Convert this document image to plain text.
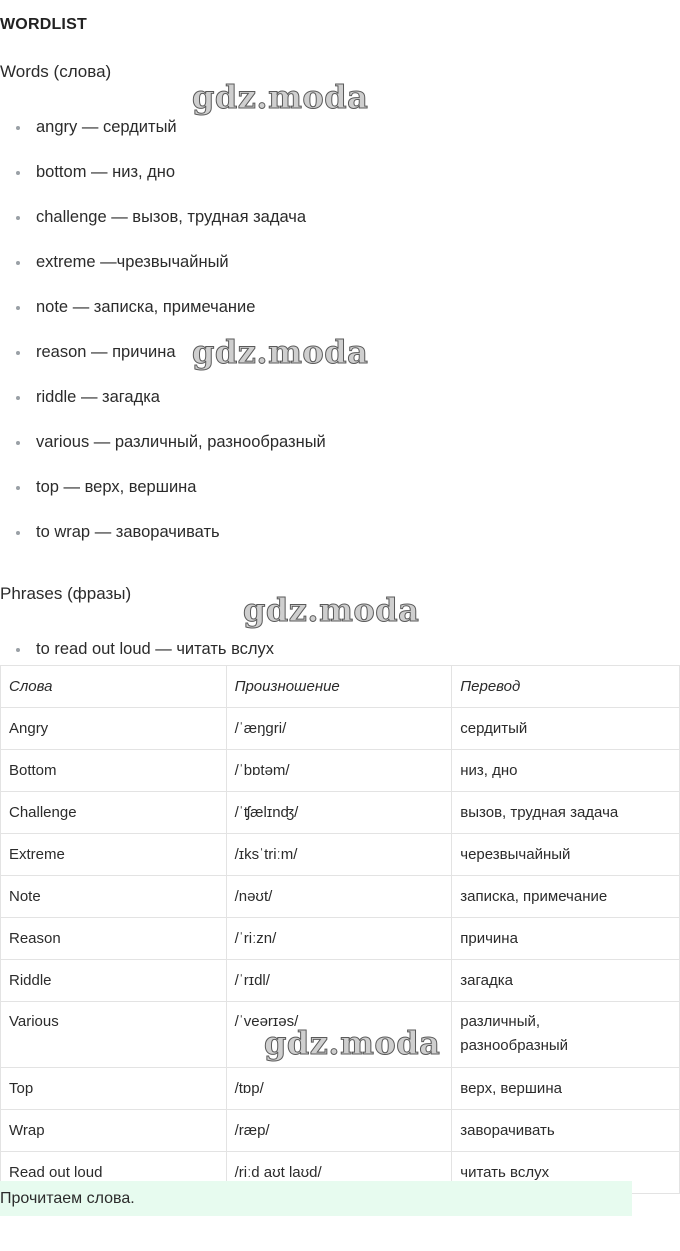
WORDLIST
Words (слова)
angry — сердитый
bottom — низ, дно
challenge — вызов, трудная задача
extreme —чрезвычайный
note — записка, примечание
reason — причина
riddle — загадка
various — различный, разнообразный
top — верх, вершина
to wrap — заворачивать
Phrases (фразы)
to read out loud — читать вслух
Слова	Произношение	Перевод
Angry	/ˈæŋgri/	сердитый
Bottom	/ˈbɒtəm/	низ, дно
Challenge	/ˈʧælɪnʤ/	вызов, трудная задача
Extreme	/ɪksˈtriːm/	черезвычайный
Note	/nəʊt/	записка, примечание
Reason	/ˈriːzn/	причина
Riddle	/ˈrɪdl/	загадка
Various	/ˈveərɪəs/	различный,
разнообразный

Top	/tɒp/	верх, вершина
Wrap	/ræp/	заворачивать
Read out loud	/riːd aʊt laʊd/	читать вслух
Прочитаем слова.
gdz.moda
gdz.moda
gdz.moda
gdz.moda
